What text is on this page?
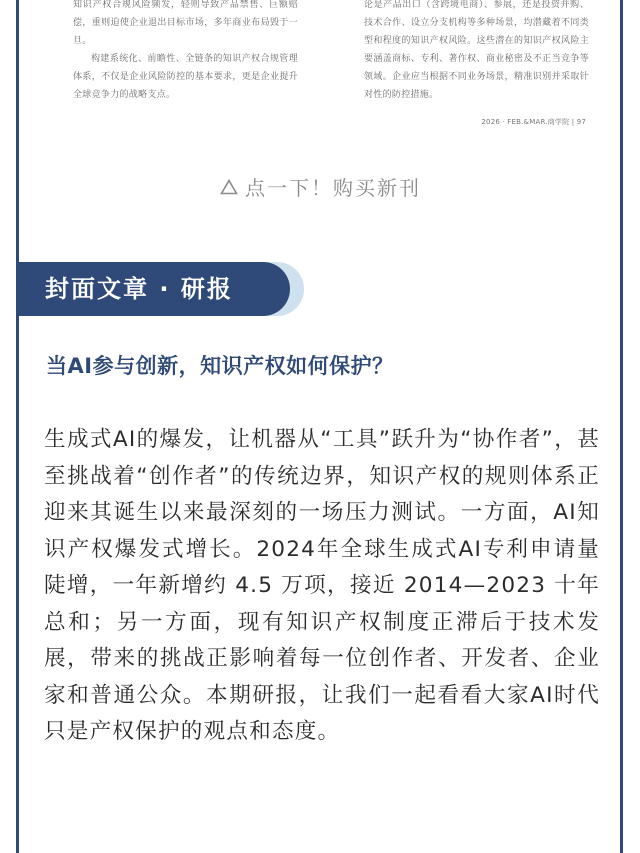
知识产权合规风险频发，轻则导致产品禁售、巨额赔偿，重则迫使企业退出目标市场，多年商业布局毁于一旦。

构建系统化、前瞻性、全链条的知识产权合规管理体系，不仅是企业风险防控的基本要求，更是企业提升全球竞争力的战略支点。

论是产品出口（含跨境电商）、参展，还是投资并购、技术合作、设立分支机构等多种场景，均潜藏着不同类型和程度的知识产权风险。这些潜在的知识产权风险主要涵盖商标、专利、著作权、商业秘密及不正当竞争等领域。企业应当根据不同业务场景，精准识别并采取针对性的防控措施。

2026 · FEB.&MAR.商学院 | 97
点一下！购买新刊
封面文章 · 研报
当AI参与创新，知识产权如何保护？
生成式AI的爆发，让机器从“工具”跃升为“协作者”，甚至挑战着“创作者”的传统边界，知识产权的规则体系正迎来其诞生以来最深刻的一场压力测试。一方面，AI知识产权爆发式增长。2024年全球生成式AI专利申请量陡增，一年新增约 4.5 万项，接近 2014—2023 十年总和；另一方面，现有知识产权制度正滞后于技术发展，带来的挑战正影响着每一位创作者、开发者、企业家和普通公众。本期研报，让我们一起看看大家AI时代只是产权保护的观点和态度。
